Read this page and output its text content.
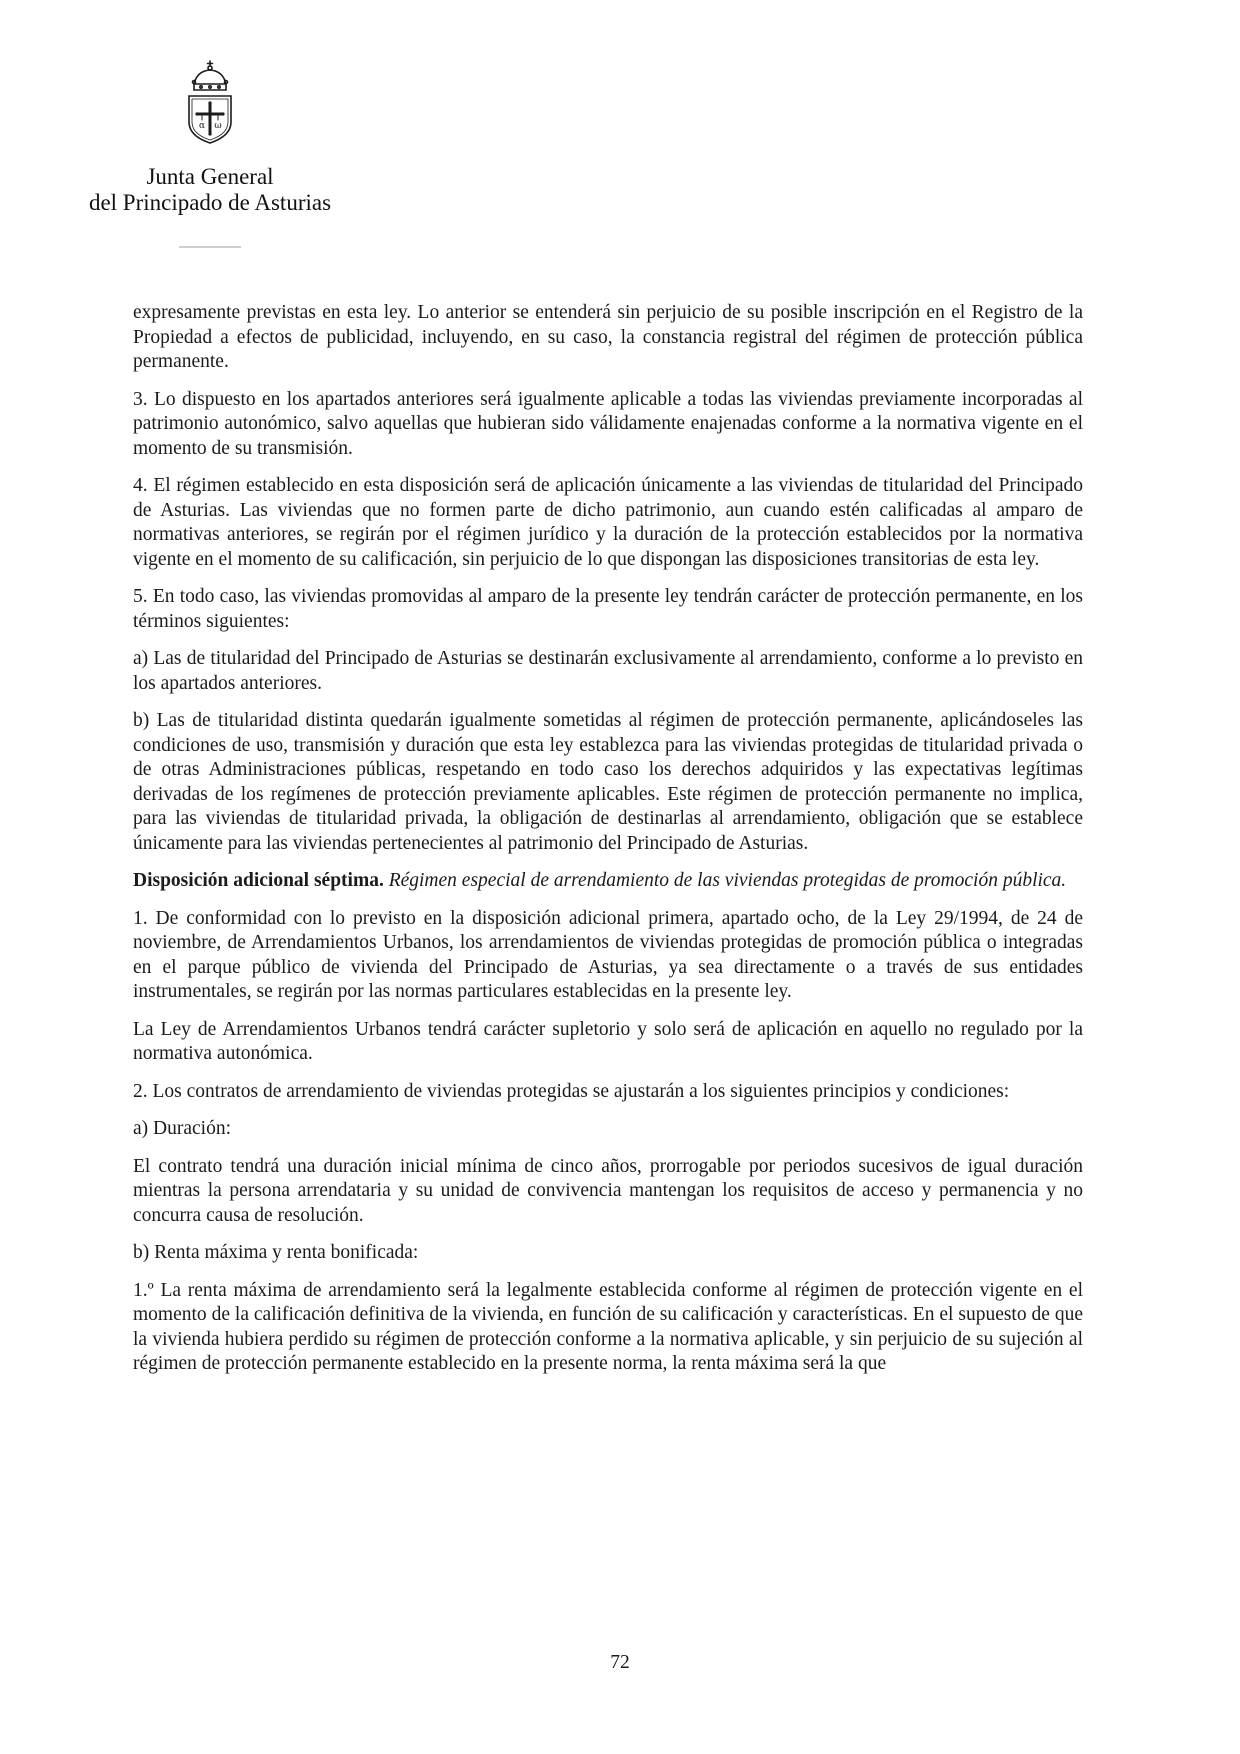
α ω
Junta General
del Principado de Asturias

expresamente previstas en esta ley. Lo anterior se entenderá sin perjuicio de su posible inscripción en el Registro de la Propiedad a efectos de publicidad, incluyendo, en su caso, la constancia registral del régimen de protección pública permanente.

3. Lo dispuesto en los apartados anteriores será igualmente aplicable a todas las viviendas previamente incorporadas al patrimonio autonómico, salvo aquellas que hubieran sido válidamente enajenadas conforme a la normativa vigente en el momento de su transmisión.

4. El régimen establecido en esta disposición será de aplicación únicamente a las viviendas de titularidad del Principado de Asturias. Las viviendas que no formen parte de dicho patrimonio, aun cuando estén calificadas al amparo de normativas anteriores, se regirán por el régimen jurídico y la duración de la protección establecidos por la normativa vigente en el momento de su calificación, sin perjuicio de lo que dispongan las disposiciones transitorias de esta ley.

5. En todo caso, las viviendas promovidas al amparo de la presente ley tendrán carácter de protección permanente, en los términos siguientes:

a) Las de titularidad del Principado de Asturias se destinarán exclusivamente al arrendamiento, conforme a lo previsto en los apartados anteriores.

b) Las de titularidad distinta quedarán igualmente sometidas al régimen de protección permanente, aplicándoseles las condiciones de uso, transmisión y duración que esta ley establezca para las viviendas protegidas de titularidad privada o de otras Administraciones públicas, respetando en todo caso los derechos adquiridos y las expectativas legítimas derivadas de los regímenes de protección previamente aplicables. Este régimen de protección permanente no implica, para las viviendas de titularidad privada, la obligación de destinarlas al arrendamiento, obligación que se establece únicamente para las viviendas pertenecientes al patrimonio del Principado de Asturias.

Disposición adicional séptima. Régimen especial de arrendamiento de las viviendas protegidas de promoción pública.

1. De conformidad con lo previsto en la disposición adicional primera, apartado ocho, de la Ley 29/1994, de 24 de noviembre, de Arrendamientos Urbanos, los arrendamientos de viviendas protegidas de promoción pública o integradas en el parque público de vivienda del Principado de Asturias, ya sea directamente o a través de sus entidades instrumentales, se regirán por las normas particulares establecidas en la presente ley.

La Ley de Arrendamientos Urbanos tendrá carácter supletorio y solo será de aplicación en aquello no regulado por la normativa autonómica.

2. Los contratos de arrendamiento de viviendas protegidas se ajustarán a los siguientes principios y condiciones:

a) Duración:

El contrato tendrá una duración inicial mínima de cinco años, prorrogable por periodos sucesivos de igual duración mientras la persona arrendataria y su unidad de convivencia mantengan los requisitos de acceso y permanencia y no concurra causa de resolución.

b) Renta máxima y renta bonificada:

1.º La renta máxima de arrendamiento será la legalmente establecida conforme al régimen de protección vigente en el momento de la calificación definitiva de la vivienda, en función de su calificación y características. En el supuesto de que la vivienda hubiera perdido su régimen de protección conforme a la normativa aplicable, y sin perjuicio de su sujeción al régimen de protección permanente establecido en la presente norma, la renta máxima será la que

72
